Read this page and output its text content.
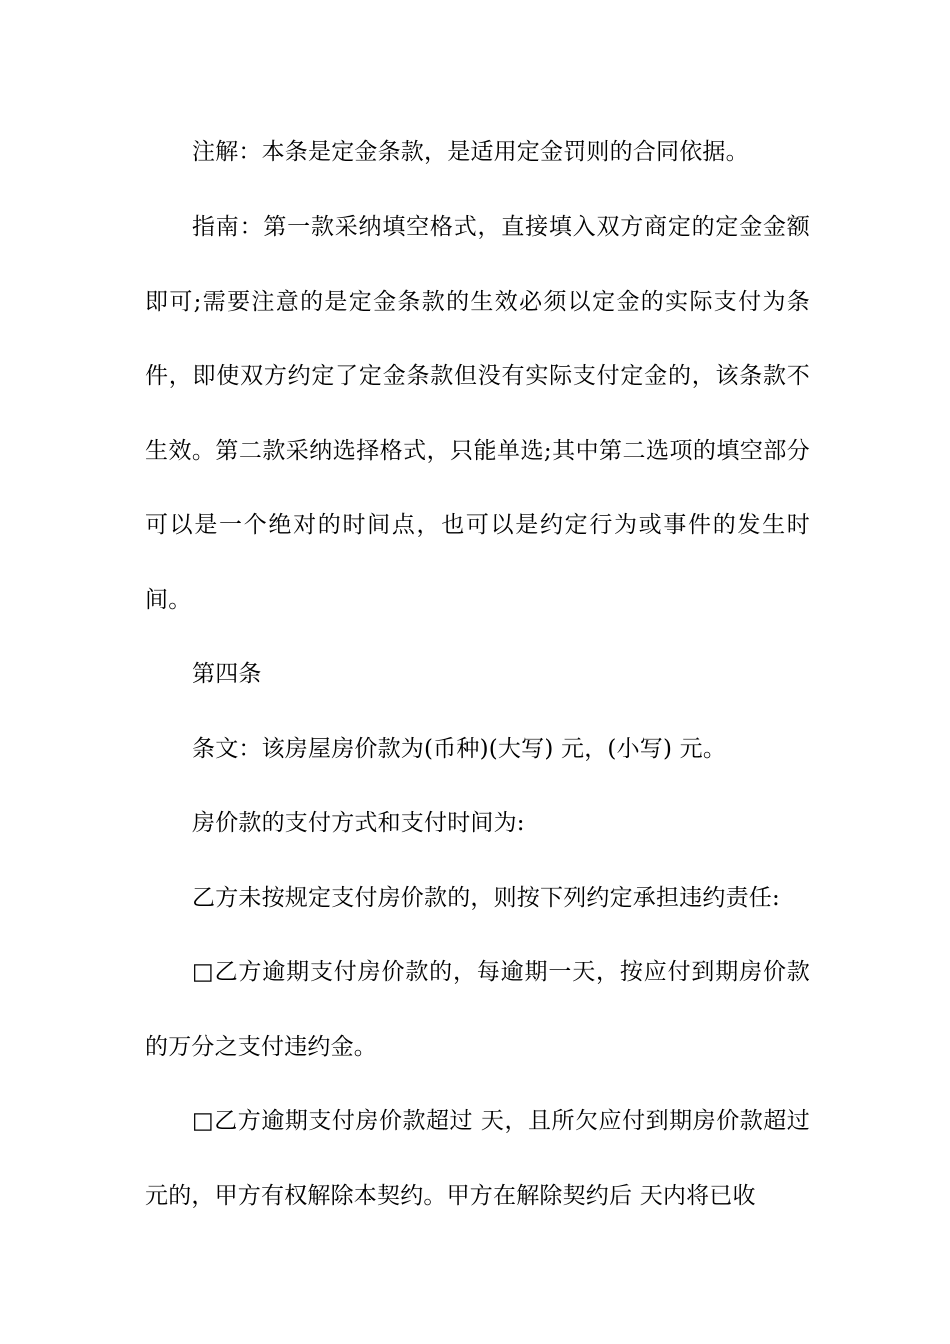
注解：本条是定金条款，是适用定金罚则的合同依据。

指南：第一款采纳填空格式，直接填入双方商定的定金金额即可;需要注意的是定金条款的生效必须以定金的实际支付为条件，即使双方约定了定金条款但没有实际支付定金的，该条款不生效。第二款采纳选择格式，只能单选;其中第二选项的填空部分可以是一个绝对的时间点，也可以是约定行为或事件的发生时间。

第四条

条文：该房屋房价款为(币种)(大写) 元，(小写) 元。

房价款的支付方式和支付时间为:

乙方未按规定支付房价款的，则按下列约定承担违约责任:

□乙方逾期支付房价款的，每逾期一天，按应付到期房价款的万分之支付违约金。

□乙方逾期支付房价款超过 天，且所欠应付到期房价款超过元的，甲方有权解除本契约。甲方在解除契约后 天内将已收
